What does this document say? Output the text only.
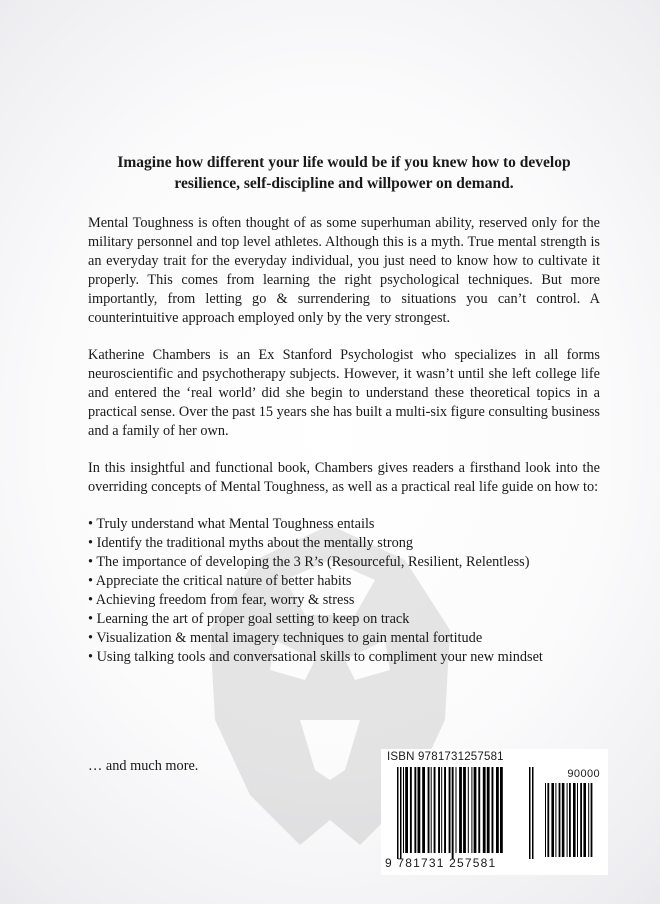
Imagine how different your life would be if you knew how to develop resilience, self-discipline and willpower on demand.

Mental Toughness is often thought of as some superhuman ability, reserved only for the military personnel and top level athletes. Although this is a myth. True mental strength is an everyday trait for the everyday individual, you just need to know how to cultivate it properly. This comes from learning the right psychological techniques. But more importantly, from letting go & surrendering to situations you can’t control. A counterintuitive approach employed only by the very strongest.

Katherine Chambers is an Ex Stanford Psychologist who specializes in all forms neuroscientific and psychotherapy subjects. However, it wasn’t until she left college life and entered the ‘real world’ did she begin to understand these theoretical topics in a practical sense. Over the past 15 years she has built a multi-six figure consulting business and a family of her own.

In this insightful and functional book, Chambers gives readers a firsthand look into the overriding concepts of Mental Toughness, as well as a practical real life guide on how to:

• Truly understand what Mental Toughness entails
• Identify the traditional myths about the mentally strong
• The importance of developing the 3 R’s (Resourceful, Resilient, Relentless)
• Appreciate the critical nature of better habits
• Achieving freedom from fear, worry & stress
• Learning the art of proper goal setting to keep on track
• Visualization & mental imagery techniques to gain mental fortitude
• Using talking tools and conversational skills to compliment your new mindset
… and much more.
ISBN 9781731257581
90000
9 781731 257581
